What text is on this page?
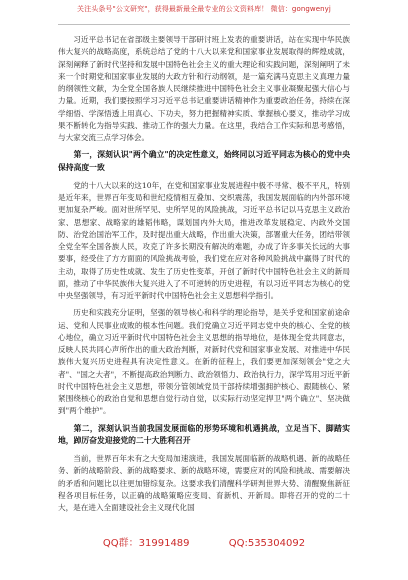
关注头条号"公文研究"，获得最新最全最专业的公文资料库！ 微信：gongwenyj

习近平总书记在省部级主要领导干部研讨班上发表的重要讲话，站在实现中华民族伟大复兴的战略高度，系统总结了党的十八大以来党和国家事业发展取得的辉煌成就，深刻阐释了新时代坚持和发展中国特色社会主义的重大理论和实践问题，深刻阐明了未来一个时期党和国家事业发展的大政方针和行动纲领，是一篇充满马克思主义真理力量的纲领性文献，为全党全国各族人民继续推进中国特色社会主义事业凝聚起强大信心与力量。近期，我们要按照学习习近平总书记重要讲话精神作为重要政治任务，持续在深学细悟、学深悟透上用真心、下功夫，努力把握精神实质、掌握核心要义，推动学习成果不断转化为指导实践、推动工作的强大力量。在这里，我结合工作实际和思考感悟，与大家交流三点学习体会。

第一，深刻认识"两个确立"的决定性意义，始终同以习近平同志为核心的党中央保持高度一致

党的十八大以来的这10年，在党和国家事业发展进程中极不寻常、极不平凡，特别是近年来，世界百年变局和世纪疫情相互叠加、交织震荡，我国发展面临的内外部环境更加复杂严峻。面对世所罕见、史所罕见的风险挑战，习近平总书记以马克思主义政治家、思想家、战略家的雄韬伟略，谋划国内外大局，推进改革发展稳定、内政外交国防、治党治国治军工作，及时提出重大战略，作出重大决策，部署重大任务，团结带领全党全军全国各族人民，攻克了许多长期没有解决的难题，办成了许多事关长远的大事要事，经受住了方方面面的风险挑战考验，我们党在应对各种风险挑战中赢得了时代的主动，取得了历史性成就、发生了历史性变革，开创了新时代中国特色社会主义的新局面，推动了中华民族伟大复兴进入了不可逆转的历史进程，有以习近平同志为核心的党中央坚强领导，有习近平新时代中国特色社会主义思想科学指引。

历史和实践充分证明，坚强的领导核心和科学的理论指导，是关乎党和国家前途命运、党和人民事业成败的根本性问题。我们党确立习近平同志党中央的核心、全党的核心地位，确立习近平新时代中国特色社会主义思想的指导地位，是体现全党共同意志，反映人民共同心声所作出的重大政治判断，对新时代党和国家事业发展、对推进中华民族伟大复兴历史进程具有决定性意义。在新的征程上，我们要更加深刻领会"党之大者"、"国之大者"，不断提高政治判断力、政治领悟力、政治执行力，深学笃用习近平新时代中国特色社会主义思想，带领分管领域党员干部持续增强拥护核心、跟随核心、紧紧围绕核心的政治自觉和思想自觉行动自觉，以实际行动坚定捍卫"两个确立"、坚决做到"两个维护"。

第二，深刻认识当前我国发展面临的形势环境和机遇挑战，立足当下、脚踏实地，踔厉奋发迎接党的二十大胜利召开

当前，世界百年未有之大变局加速演进，我国发展面临新的战略机遇、新的战略任务、新的战略阶段、新的战略要求、新的战略环境，需要应对的风险和挑战、需要解决的矛盾和问题比以往更加错综复杂。这要求我们清醒科学研判世界大势、清醒聚焦新征程各项目标任务，以正确的战略策略应变局、育新机、开新局。即将召开的党的二十大，是在进入全面建设社会主义现代化国

QQ群：31991489	QQ:535304092
